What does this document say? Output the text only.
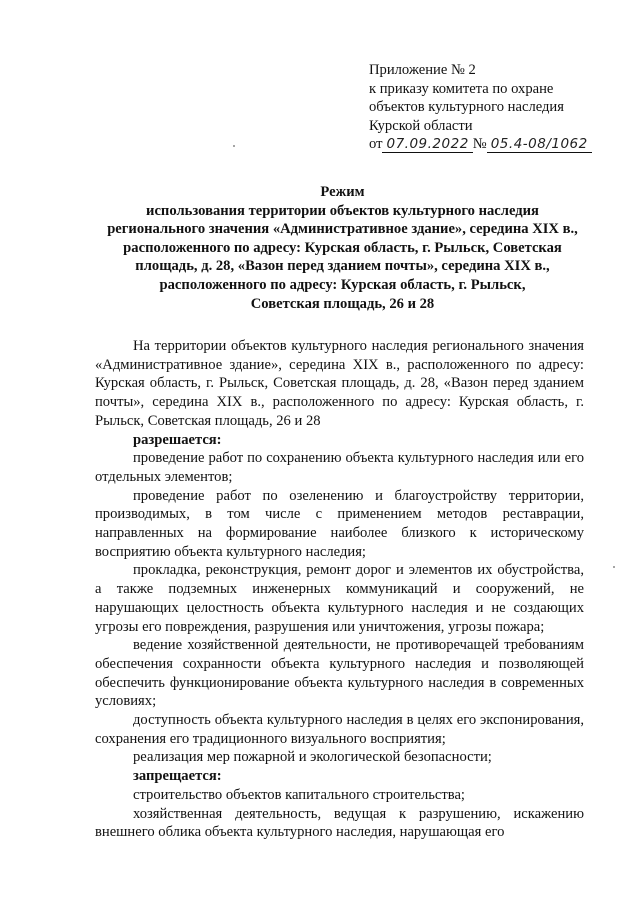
Приложение № 2
к приказу комитета по охране
объектов культурного наследия
Курской области
от 07.09.2022 № 05.4-08/1062
Режим
использования территории объектов культурного наследия
регионального значения «Административное здание», середина XIX в.,
расположенного по адресу: Курская область, г. Рыльск, Советская
площадь, д. 28, «Вазон перед зданием почты», середина XIX в.,
расположенного по адресу: Курская область, г. Рыльск,
Советская площадь, 26 и 28

На территории объектов культурного наследия регионального значения «Административное здание», середина XIX в., расположенного по адресу: Курская область, г. Рыльск, Советская площадь, д. 28, «Вазон перед зданием почты», середина XIX в., расположенного по адресу: Курская область, г. Рыльск, Советская площадь, 26 и 28

разрешается:

проведение работ по сохранению объекта культурного наследия или его отдельных элементов;

проведение работ по озеленению и благоустройству территории, производимых, в том числе с применением методов реставрации, направленных на формирование наиболее близкого к историческому восприятию объекта культурного наследия;

прокладка, реконструкция, ремонт дорог и элементов их обустройства, а также подземных инженерных коммуникаций и сооружений, не нарушающих целостность объекта культурного наследия и не создающих угрозы его повреждения, разрушения или уничтожения, угрозы пожара;

ведение хозяйственной деятельности, не противоречащей требованиям обеспечения сохранности объекта культурного наследия и позволяющей обеспечить функционирование объекта культурного наследия в современных условиях;

доступность объекта культурного наследия в целях его экспонирования, сохранения его традиционного визуального восприятия;

реализация мер пожарной и экологической безопасности;

запрещается:

строительство объектов капитального строительства;

хозяйственная деятельность, ведущая к разрушению, искажению внешнего облика объекта культурного наследия, нарушающая его
